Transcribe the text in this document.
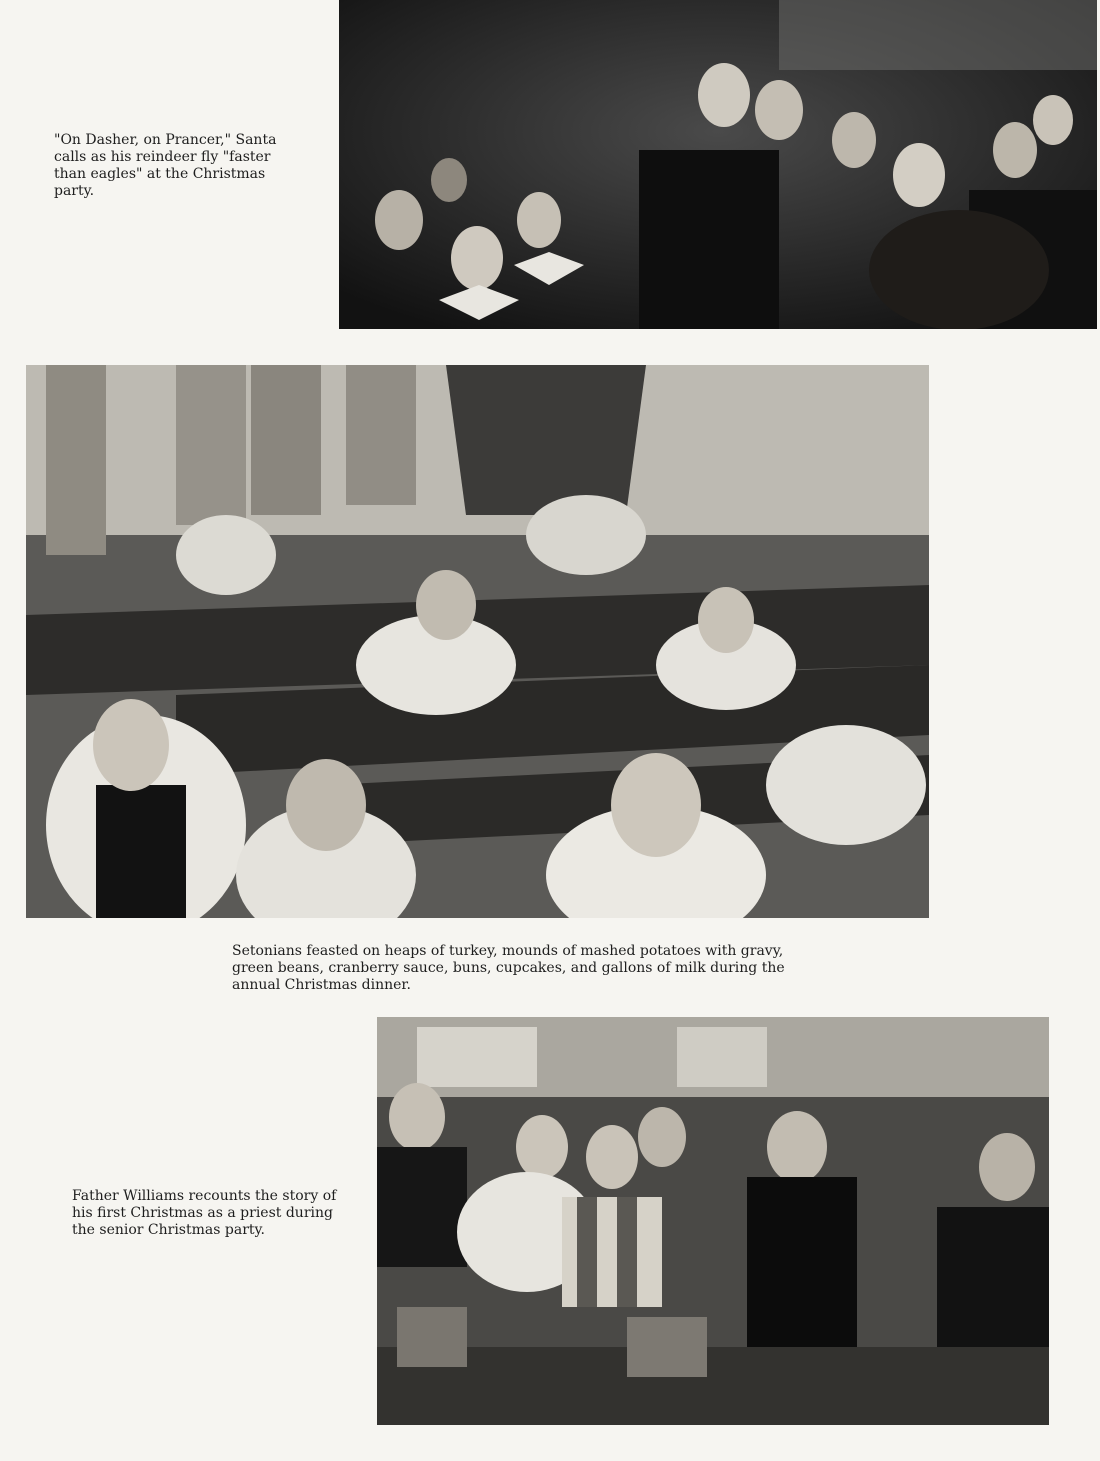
"On Dasher, on Prancer," Santa calls as his reindeer fly "faster than eagles" at the Christmas party.

Setonians feasted on heaps of turkey, mounds of mashed potatoes with gravy, green beans, cranberry sauce, buns, cupcakes, and gallons of milk during the annual Christmas dinner.

Father Williams recounts the story of his first Christmas as a priest during the senior Christmas party.
